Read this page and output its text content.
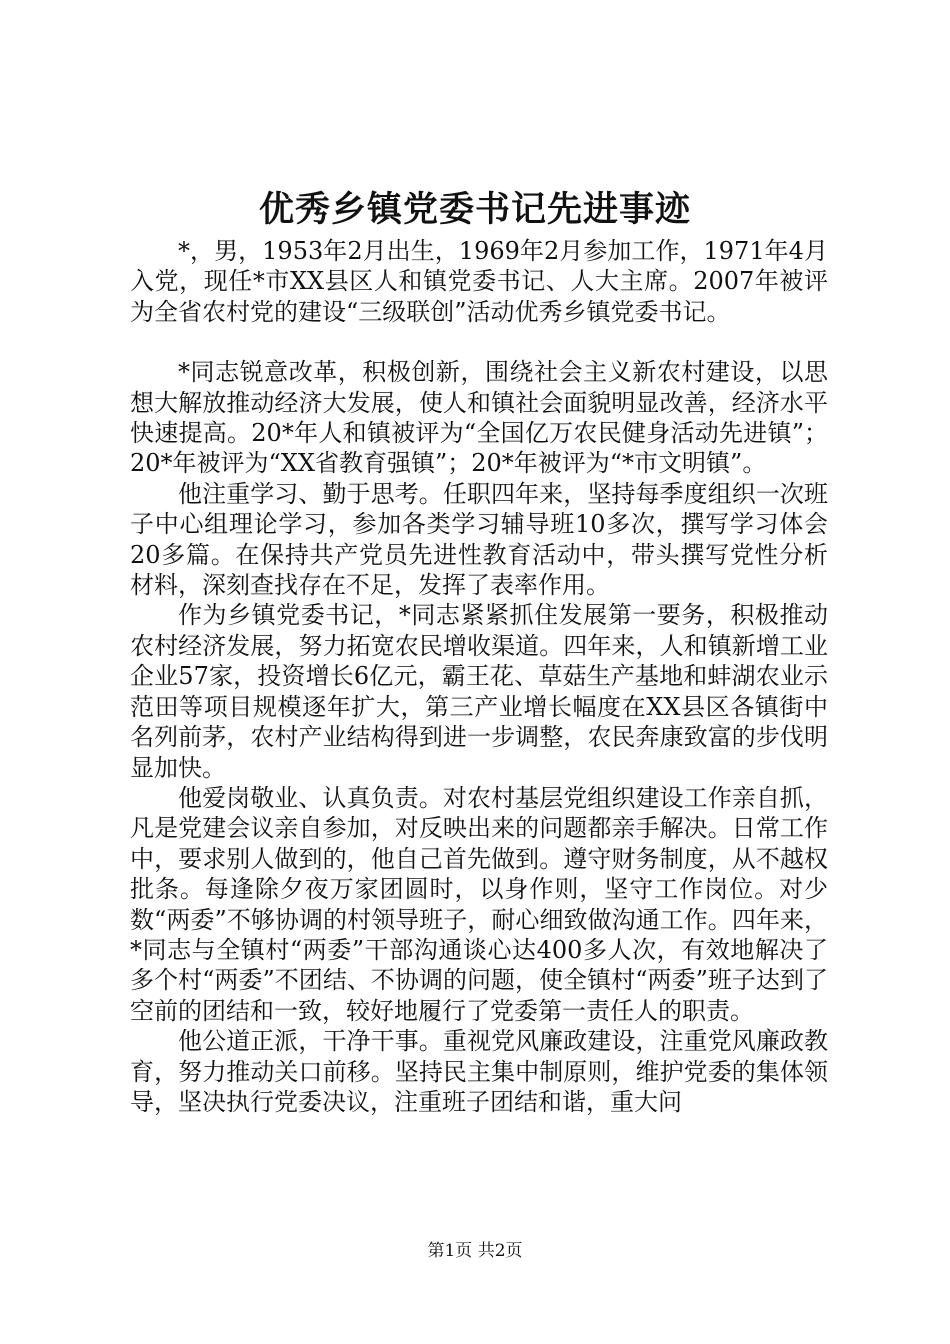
优秀乡镇党委书记先进事迹

*，男，1953年2月出生，1969年2月参加工作，1971年4月入党，现任*市XX县区人和镇党委书记、人大主席。2007年被评为全省农村党的建设“三级联创”活动优秀乡镇党委书记。

*同志锐意改革，积极创新，围绕社会主义新农村建设，以思想大解放推动经济大发展，使人和镇社会面貌明显改善，经济水平快速提高。20*年人和镇被评为“全国亿万农民健身活动先进镇”；20*年被评为“XX省教育强镇”；20*年被评为“*市文明镇”。

他注重学习、勤于思考。任职四年来，坚持每季度组织一次班子中心组理论学习，参加各类学习辅导班10多次，撰写学习体会20多篇。在保持共产党员先进性教育活动中，带头撰写党性分析材料，深刻查找存在不足，发挥了表率作用。

作为乡镇党委书记，*同志紧紧抓住发展第一要务，积极推动农村经济发展，努力拓宽农民增收渠道。四年来，人和镇新增工业企业57家，投资增长6亿元，霸王花、草菇生产基地和蚌湖农业示范田等项目规模逐年扩大，第三产业增长幅度在XX县区各镇街中名列前茅，农村产业结构得到进一步调整，农民奔康致富的步伐明显加快。

他爱岗敬业、认真负责。对农村基层党组织建设工作亲自抓，凡是党建会议亲自参加，对反映出来的问题都亲手解决。日常工作中，要求别人做到的，他自己首先做到。遵守财务制度，从不越权批条。每逢除夕夜万家团圆时，以身作则，坚守工作岗位。对少数“两委”不够协调的村领导班子，耐心细致做沟通工作。四年来，*同志与全镇村“两委”干部沟通谈心达400多人次，有效地解决了多个村“两委”不团结、不协调的问题，使全镇村“两委”班子达到了空前的团结和一致，较好地履行了党委第一责任人的职责。

他公道正派，干净干事。重视党风廉政建设，注重党风廉政教育，努力推动关口前移。坚持民主集中制原则，维护党委的集体领导，坚决执行党委决议，注重班子团结和谐，重大问

第1页 共2页
